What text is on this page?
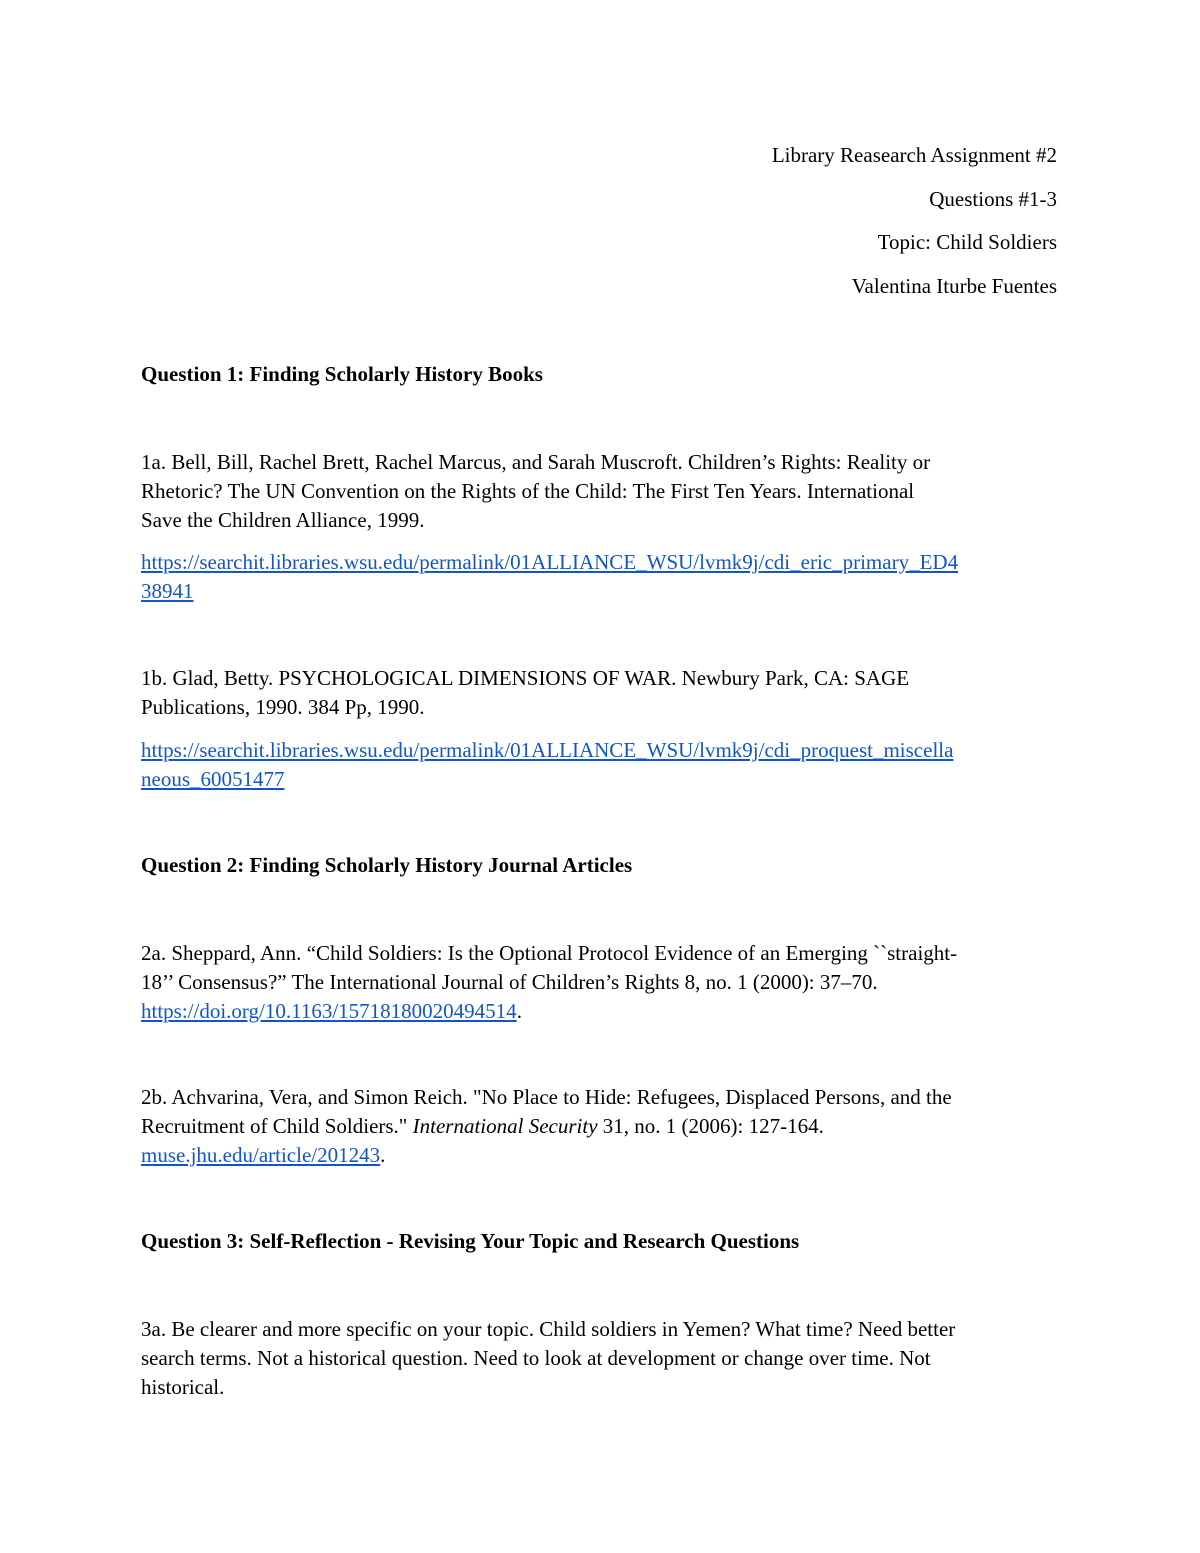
Library Reasearch Assignment #2
Questions #1-3
Topic: Child Soldiers
Valentina Iturbe Fuentes
Question 1: Finding Scholarly History Books
1a. Bell, Bill, Rachel Brett, Rachel Marcus, and Sarah Muscroft. Children’s Rights: Reality or
Rhetoric? The UN Convention on the Rights of the Child: The First Ten Years. International
Save the Children Alliance, 1999.
https://searchit.libraries.wsu.edu/permalink/01ALLIANCE_WSU/lvmk9j/cdi_eric_primary_ED4
38941
1b. Glad, Betty. PSYCHOLOGICAL DIMENSIONS OF WAR. Newbury Park, CA: SAGE
Publications, 1990. 384 Pp, 1990.
https://searchit.libraries.wsu.edu/permalink/01ALLIANCE_WSU/lvmk9j/cdi_proquest_miscella
neous_60051477
Question 2: Finding Scholarly History Journal Articles
2a. Sheppard, Ann. “Child Soldiers: Is the Optional Protocol Evidence of an Emerging ``straight-
18’’ Consensus?” The International Journal of Children’s Rights 8, no. 1 (2000): 37–70.
https://doi.org/10.1163/15718180020494514.
2b. Achvarina, Vera, and Simon Reich. "No Place to Hide: Refugees, Displaced Persons, and the
Recruitment of Child Soldiers." International Security 31, no. 1 (2006): 127-164.
muse.jhu.edu/article/201243.
Question 3: Self-Reflection - Revising Your Topic and Research Questions
3a. Be clearer and more specific on your topic. Child soldiers in Yemen? What time? Need better
search terms. Not a historical question. Need to look at development or change over time. Not
historical.
